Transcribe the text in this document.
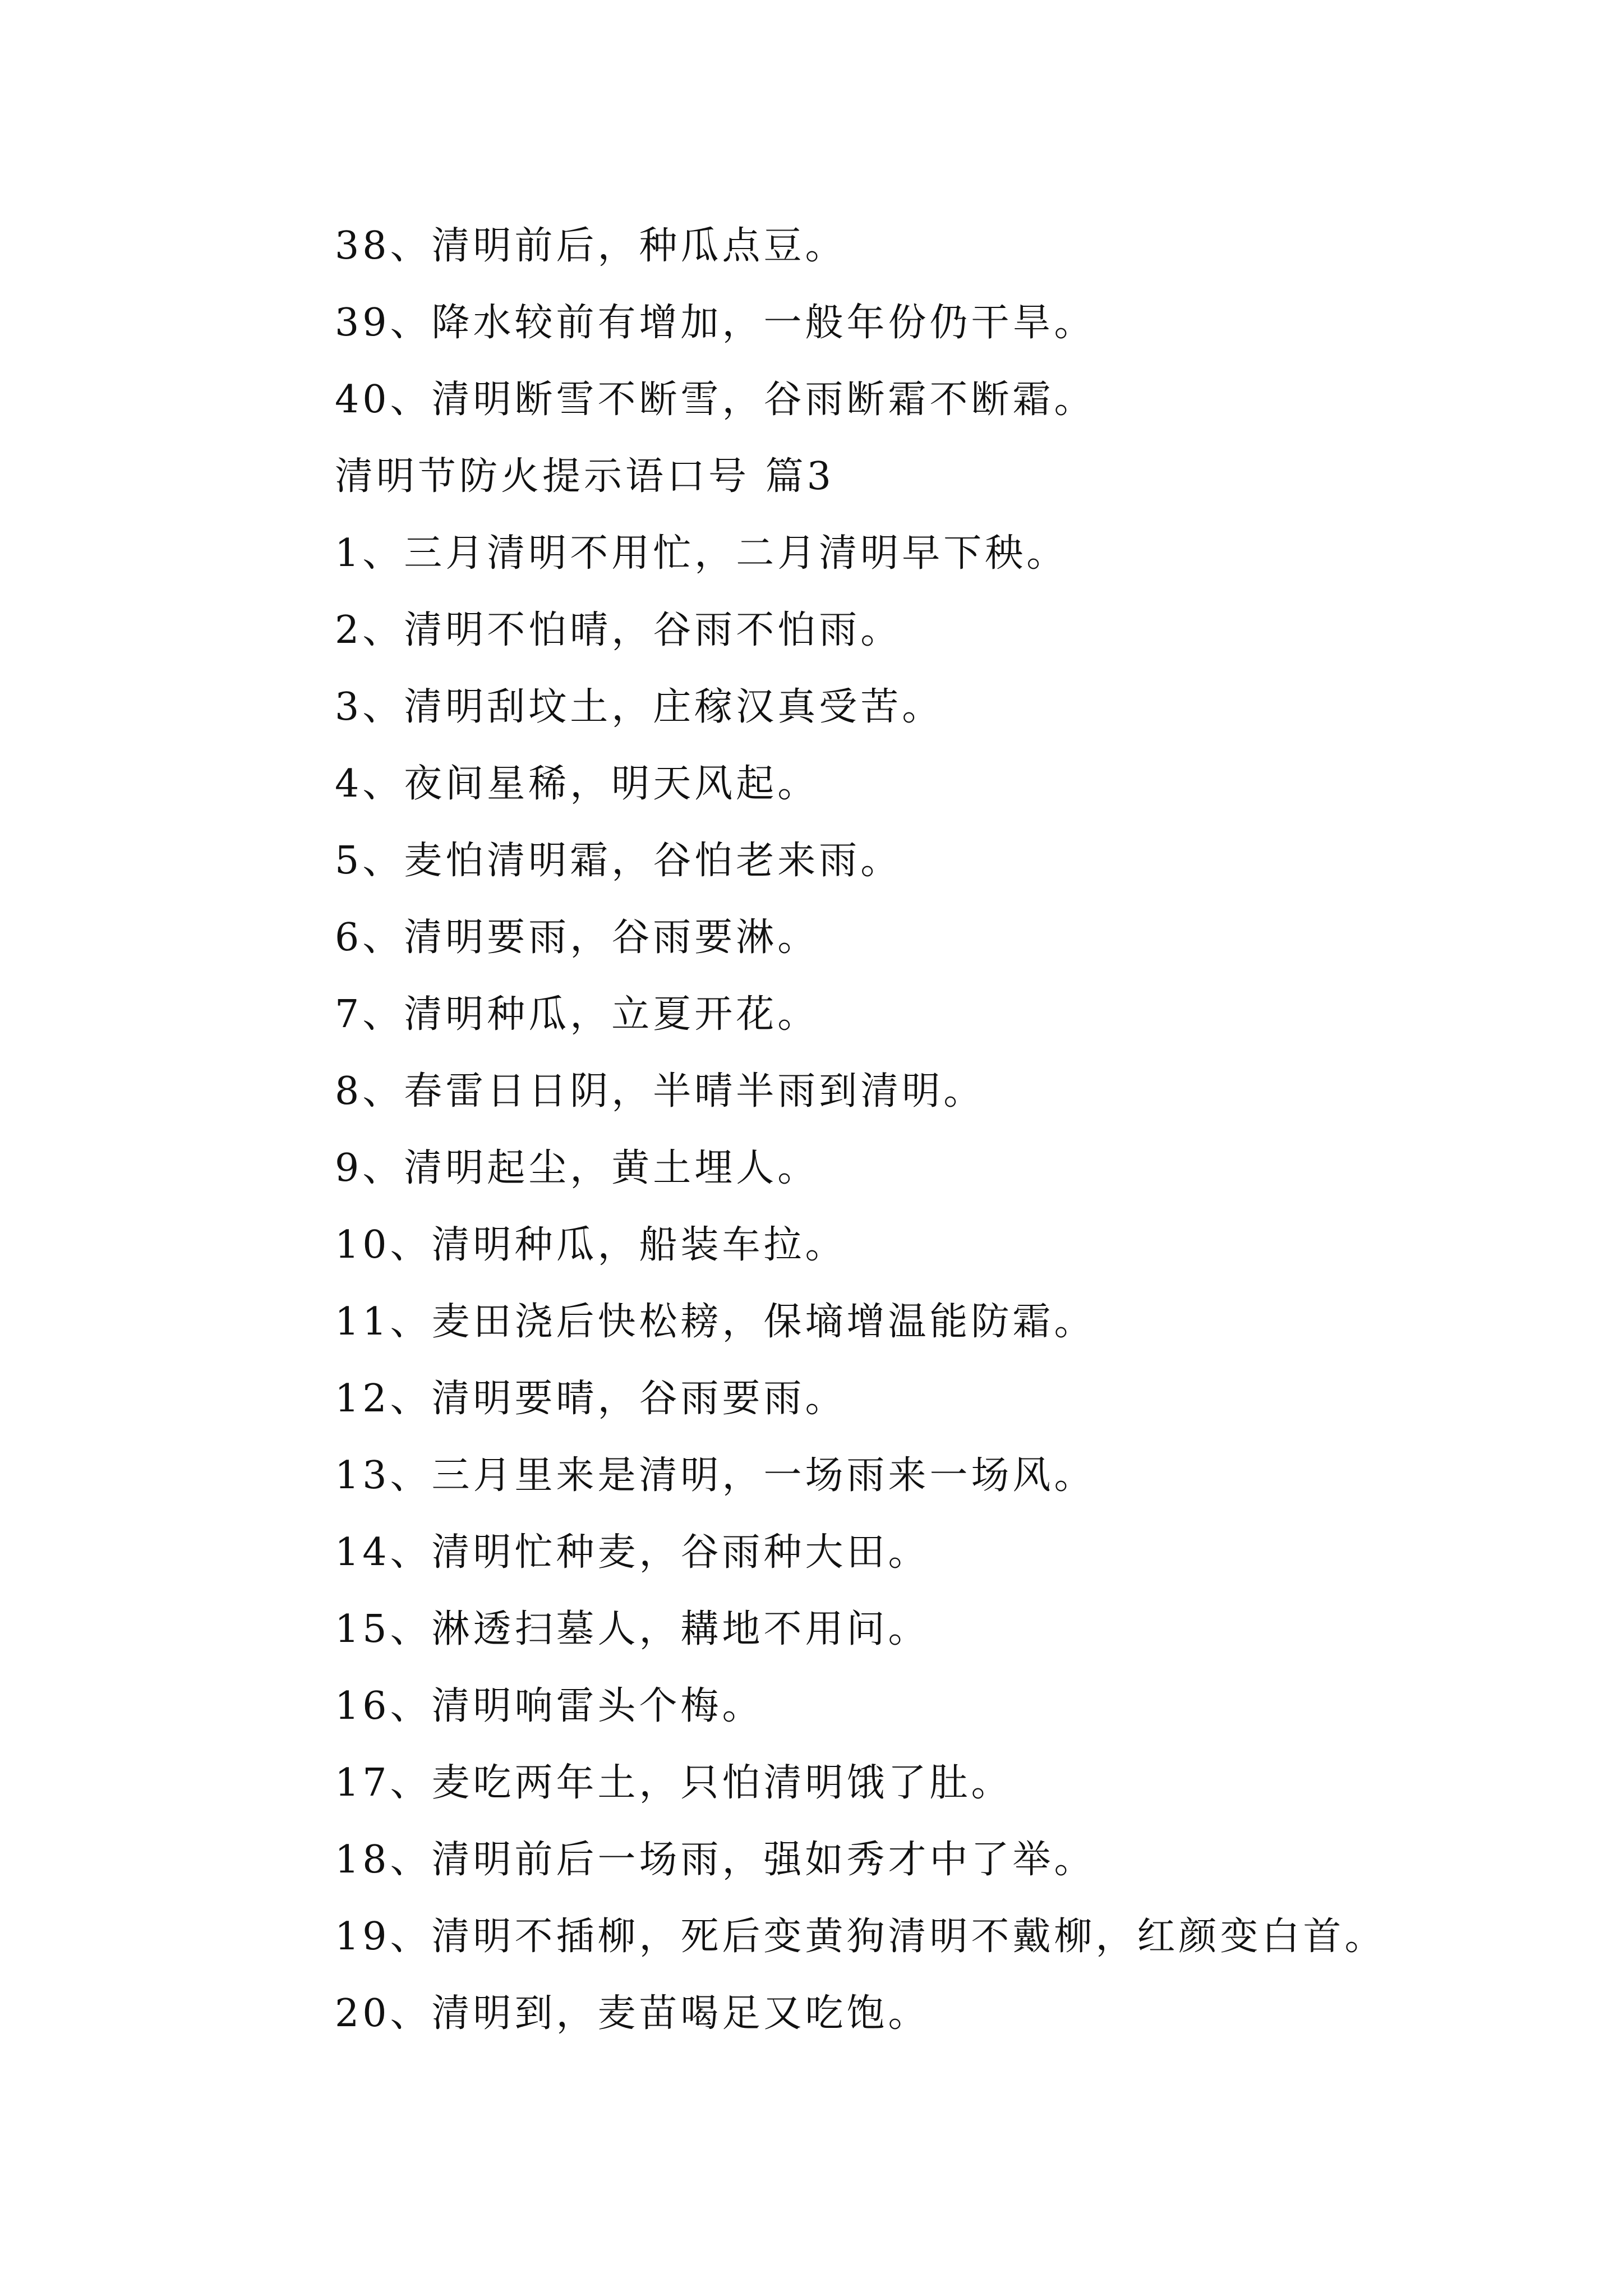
38、清明前后，种瓜点豆。
39、降水较前有增加，一般年份仍干旱。
40、清明断雪不断雪，谷雨断霜不断霜。
清明节防火提示语口号 篇3
1、三月清明不用忙，二月清明早下秧。
2、清明不怕晴，谷雨不怕雨。
3、清明刮坟土，庄稼汉真受苦。
4、夜间星稀，明天风起。
5、麦怕清明霜，谷怕老来雨。
6、清明要雨，谷雨要淋。
7、清明种瓜，立夏开花。
8、春雷日日阴，半晴半雨到清明。
9、清明起尘，黄土埋人。
10、清明种瓜，船装车拉。
11、麦田浇后快松耪，保墒增温能防霜。
12、清明要晴，谷雨要雨。
13、三月里来是清明，一场雨来一场风。
14、清明忙种麦，谷雨种大田。
15、淋透扫墓人，耩地不用问。
16、清明响雷头个梅。
17、麦吃两年土，只怕清明饿了肚。
18、清明前后一场雨，强如秀才中了举。
19、清明不插柳，死后变黄狗清明不戴柳，红颜变白首。
20、清明到，麦苗喝足又吃饱。
